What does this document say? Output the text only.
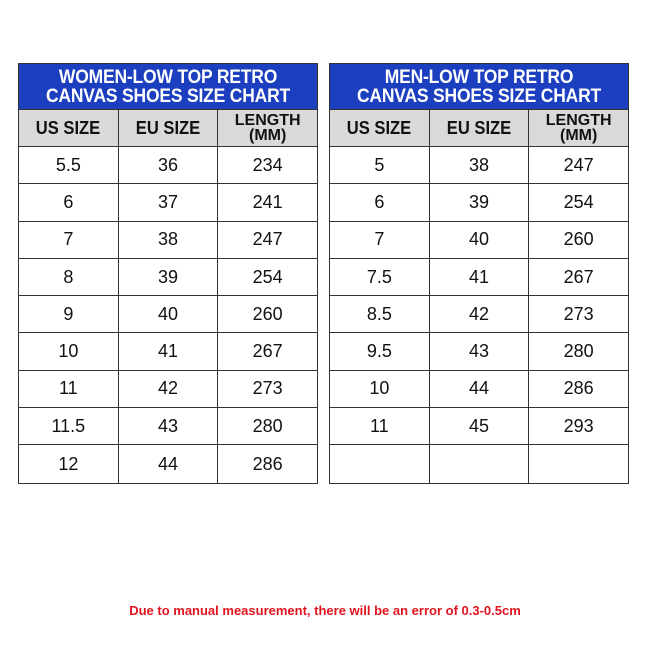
WOMEN-LOW TOP RETRO
CANVAS SHOES SIZE CHART
US SIZE EU SIZE LENGTH
(MM)
5.5	36	234
6	37	241
7	38	247
8	39	254
9	40	260
10	41	267
11	42	273
11.5	43	280
12	44	286
MEN-LOW TOP RETRO
CANVAS SHOES SIZE CHART
US SIZE EU SIZE LENGTH
(MM)
5	38	247
6	39	254
7	40	260
7.5	41	267
8.5	42	273
9.5	43	280
10	44	286
11	45	293
Due to manual measurement, there will be an error of 0.3-0.5cm
